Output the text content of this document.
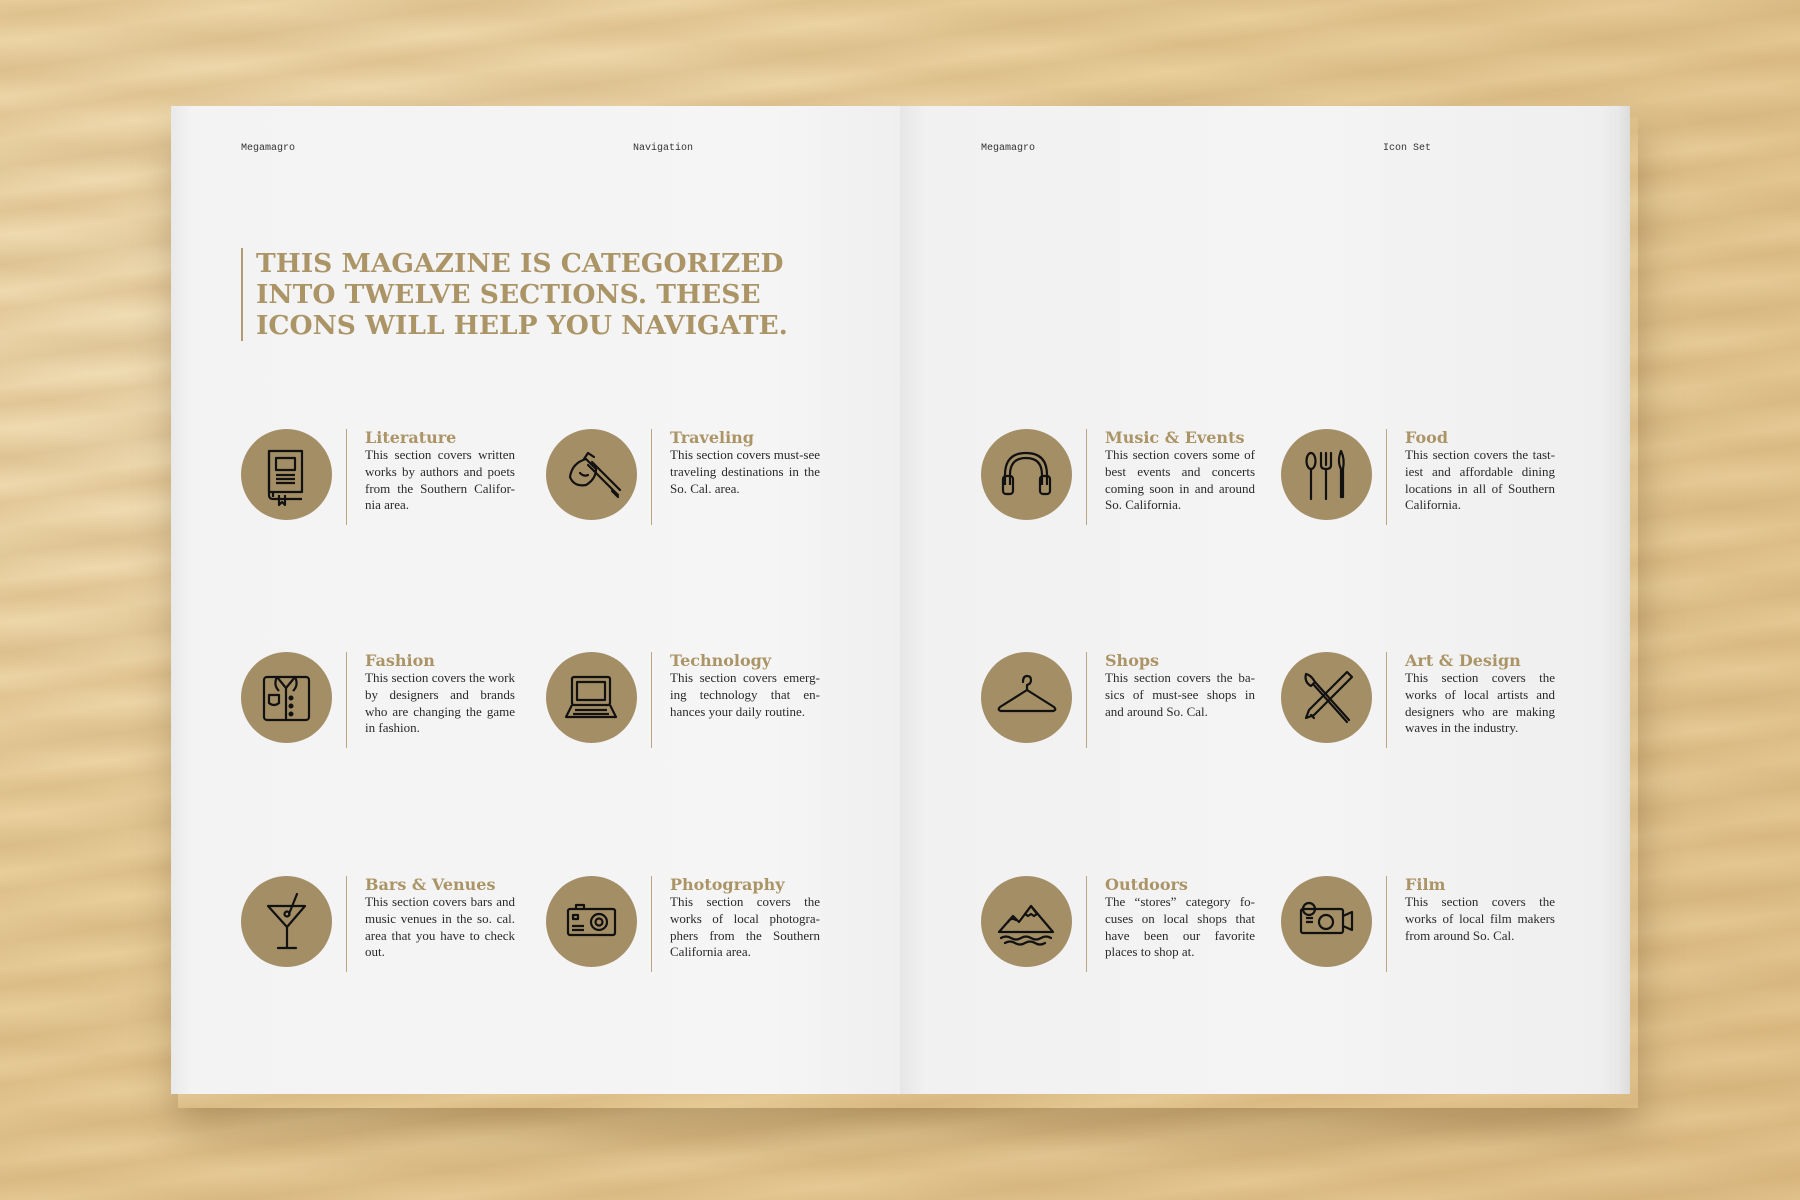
Megamagro	Navigation
THIS MAGAZINE IS CATEGORIZED INTO TWELVE SECTIONS. THESE ICONS WILL HELP YOU NAVIGATE.
Literature
This section covers written works by authors and poets from the Southern Califor-nia area.
Traveling
This section covers must-see traveling destinations in the So. Cal. area.
Fashion
This section covers the work by designers and brands who are changing the game in fashion.
Technology
This section covers emerg-ing technology that en-hances your daily routine.
Bars & Venues
This section covers bars and music venues in the so. cal. area that you have to check out.
Photography
This section covers the works of local photogra-phers from the Southern California area.
Megamagro	Icon Set
Music & Events
This section covers some of best events and concerts coming soon in and around So. California.
Food
This section covers the tast-iest and affordable dining locations in all of Southern California.
Shops
This section covers the ba-sics of must-see shops in and around So. Cal.
Art & Design
This section covers the works of local artists and designers who are making waves in the industry.
Outdoors
The “stores” category fo-cuses on local shops that have been our favorite places to shop at.
Film
This section covers the works of local film makers from around So. Cal.
